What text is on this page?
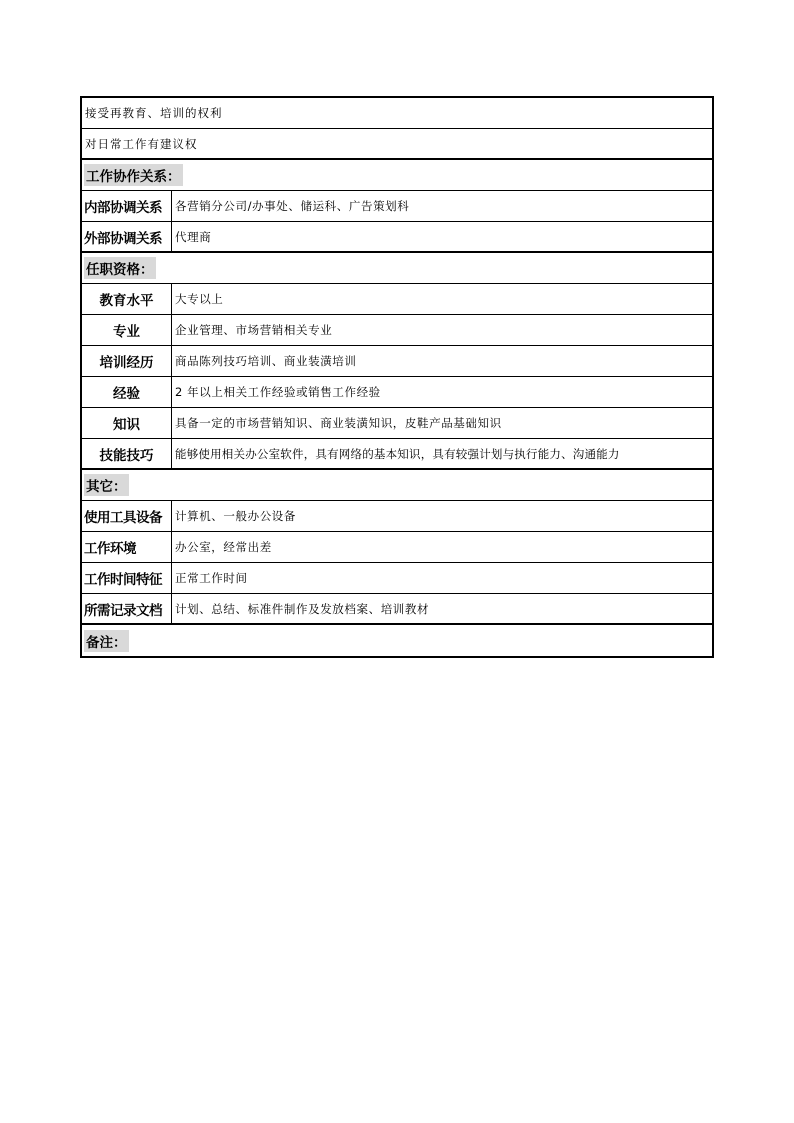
接受再教育、培训的权利
对日常工作有建议权
工作协作关系：
内部协调关系	各营销分公司/办事处、储运科、广告策划科
外部协调关系	代理商
任职资格：
教育水平	大专以上
专业	企业管理、市场营销相关专业
培训经历	商品陈列技巧培训、商业装潢培训
经验	2 年以上相关工作经验或销售工作经验
知识	具备一定的市场营销知识、商业装潢知识，皮鞋产品基础知识
技能技巧	能够使用相关办公室软件，具有网络的基本知识，具有较强计划与执行能力、沟通能力
其它：
使用工具设备	计算机、一般办公设备
工作环境	办公室，经常出差
工作时间特征	正常工作时间
所需记录文档	计划、总结、标准件制作及发放档案、培训教材
备注：
